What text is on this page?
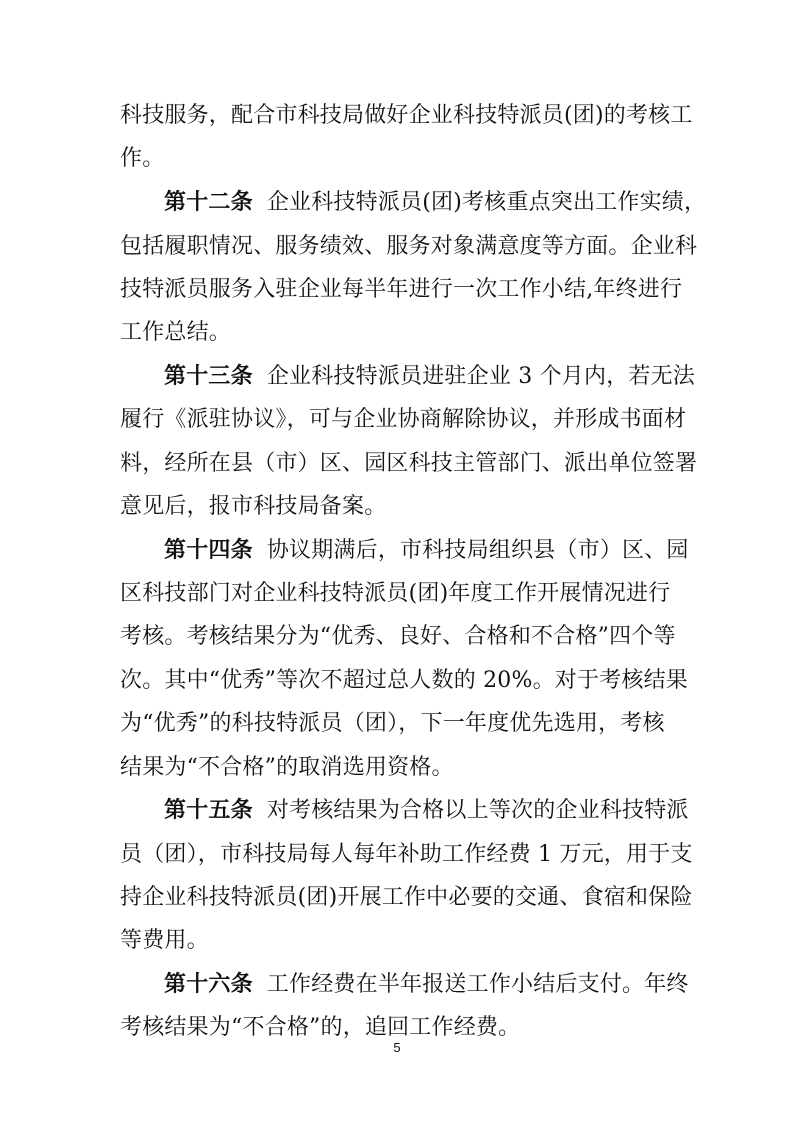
科技服务，配合市科技局做好企业科技特派员(团)的考核工
作。
第十二条 企业科技特派员(团)考核重点突出工作实绩，
包括履职情况、服务绩效、服务对象满意度等方面。企业科
技特派员服务入驻企业每半年进行一次工作小结,年终进行
工作总结。
第十三条 企业科技特派员进驻企业 3 个月内，若无法
履行《派驻协议》，可与企业协商解除协议，并形成书面材
料，经所在县（市）区、园区科技主管部门、派出单位签署
意见后，报市科技局备案。
第十四条 协议期满后，市科技局组织县（市）区、园
区科技部门对企业科技特派员(团)年度工作开展情况进行
考核。考核结果分为“优秀、良好、合格和不合格”四个等
次。其中“优秀”等次不超过总人数的 20%。对于考核结果
为“优秀”的科技特派员（团），下一年度优先选用，考核
结果为“不合格”的取消选用资格。
第十五条 对考核结果为合格以上等次的企业科技特派
员（团），市科技局每人每年补助工作经费 1 万元，用于支
持企业科技特派员(团)开展工作中必要的交通、食宿和保险
等费用。
第十六条 工作经费在半年报送工作小结后支付。年终
考核结果为“不合格”的，追回工作经费。
5
